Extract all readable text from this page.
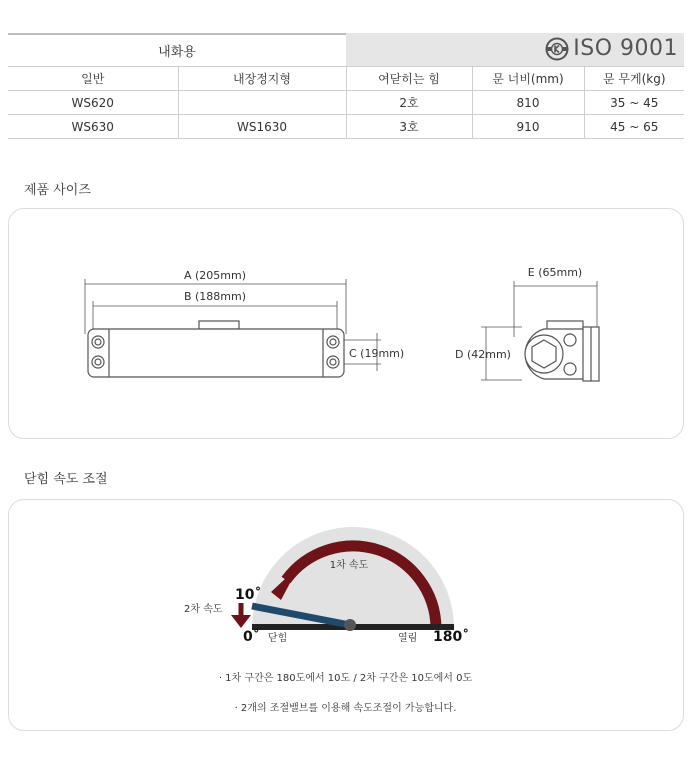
내화용		ISO 9001		

일반	내장정지형	여닫히는 힘	문 너비(mm)	문 무게(kg)
WS620		2호	810	35 ~ 45
WS630	WS1630	3호	910	45 ~ 65
제품 사이즈
A (205mm)
B (188mm)
C (19mm)
E (65mm)
D (42mm)
닫힘 속도 조절
1차 속도
2차 속도
10˚
0˚	180˚
닫힘	열림
· 1차 구간은 180도에서 10도 / 2차 구간은 10도에서 0도
· 2개의 조절밸브를 이용해 속도조절이 가능합니다.
